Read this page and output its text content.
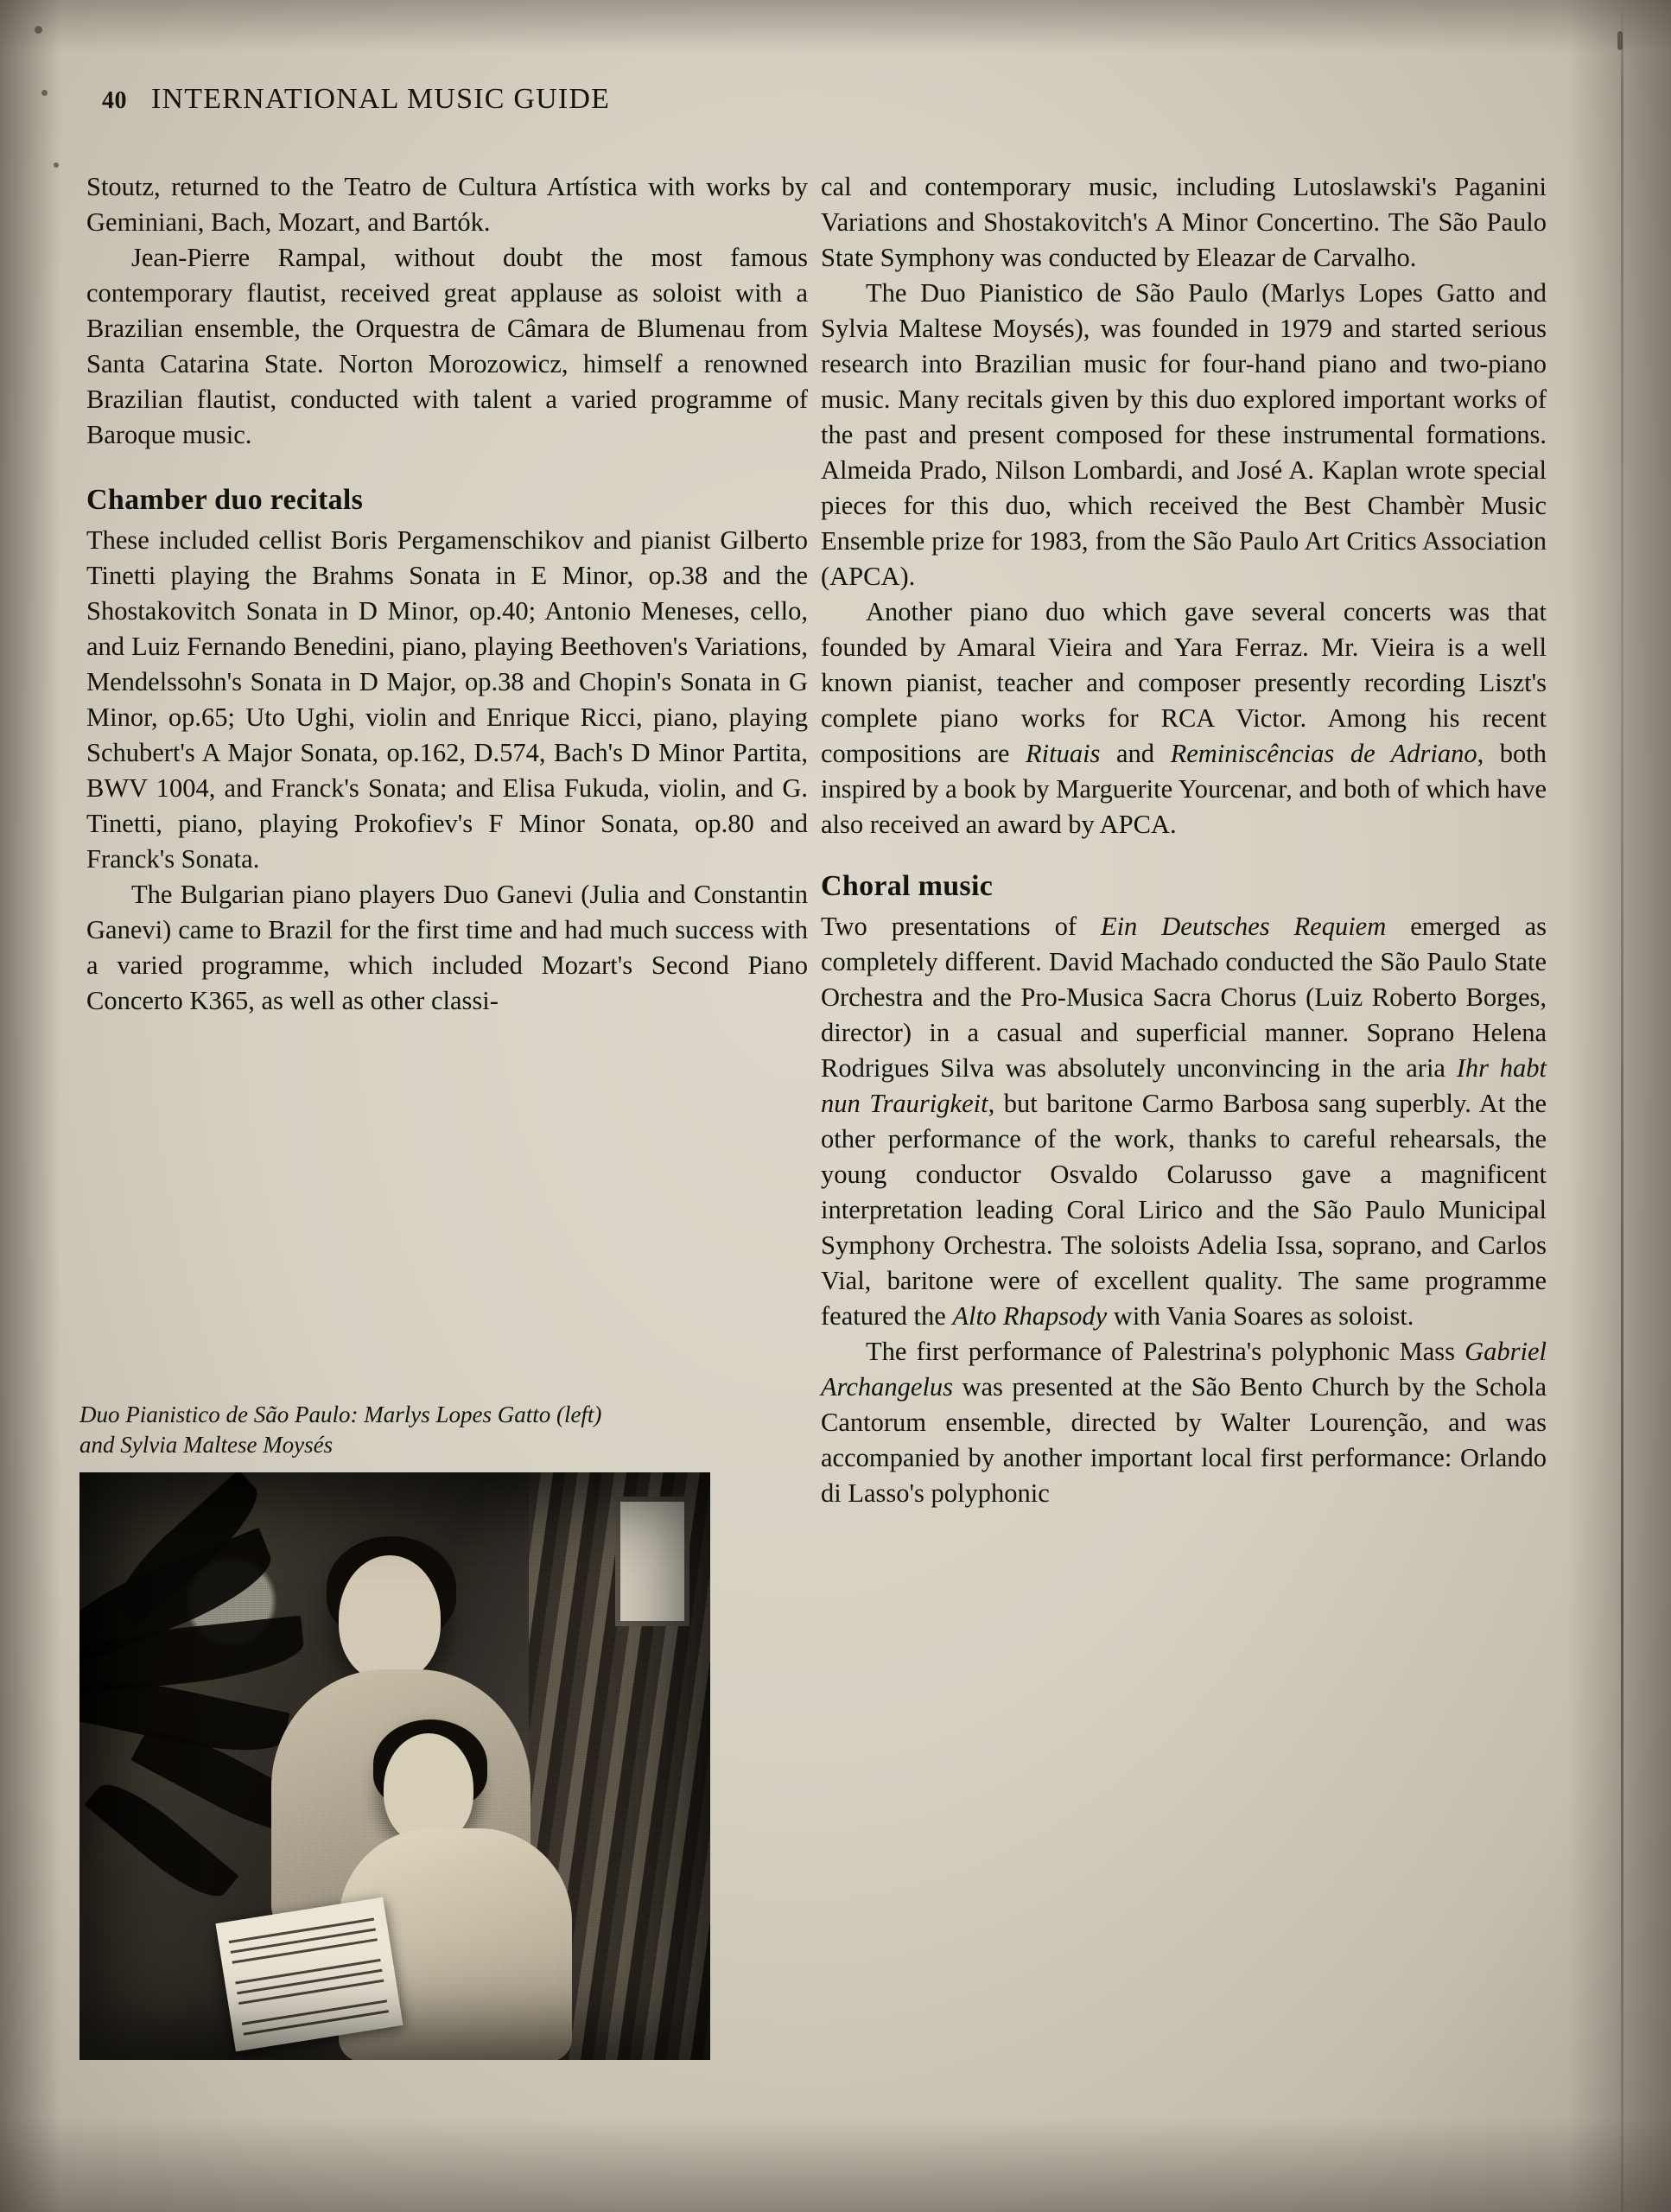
40 INTERNATIONAL MUSIC GUIDE

Stoutz, returned to the Teatro de Cultura Artística with works by Geminiani, Bach, Mozart, and Bartók.

Jean-Pierre Rampal, without doubt the most famous contemporary flautist, received great applause as soloist with a Brazilian ensemble, the Orquestra de Câmara de Blumenau from Santa Catarina State. Norton Morozowicz, himself a renowned Brazilian flautist, conducted with talent a varied programme of Baroque music.

Chamber duo recitals

These included cellist Boris Pergamenschikov and pianist Gilberto Tinetti playing the Brahms Sonata in E Minor, op.38 and the Shostakovitch Sonata in D Minor, op.40; Antonio Meneses, cello, and Luiz Fernando Benedini, piano, playing Beethoven's Variations, Mendelssohn's Sonata in D Major, op.38 and Chopin's Sonata in G Minor, op.65; Uto Ughi, violin and Enrique Ricci, piano, playing Schubert's A Major Sonata, op.162, D.574, Bach's D Minor Partita, BWV 1004, and Franck's Sonata; and Elisa Fukuda, violin, and G. Tinetti, piano, playing Prokofiev's F Minor Sonata, op.80 and Franck's Sonata.

The Bulgarian piano players Duo Ganevi (Julia and Constantin Ganevi) came to Brazil for the first time and had much success with a varied programme, which included Mozart's Second Piano Concerto K365, as well as other classi-

cal and contemporary music, including Lutoslawski's Paganini Variations and Shostakovitch's A Minor Concertino. The São Paulo State Symphony was conducted by Eleazar de Carvalho.

The Duo Pianistico de São Paulo (Marlys Lopes Gatto and Sylvia Maltese Moysés), was founded in 1979 and started serious research into Brazilian music for four-hand piano and two-piano music. Many recitals given by this duo explored important works of the past and present composed for these instrumental formations. Almeida Prado, Nilson Lombardi, and José A. Kaplan wrote special pieces for this duo, which received the Best Chambèr Music Ensemble prize for 1983, from the São Paulo Art Critics Association (APCA).

Another piano duo which gave several concerts was that founded by Amaral Vieira and Yara Ferraz. Mr. Vieira is a well known pianist, teacher and composer presently recording Liszt's complete piano works for RCA Victor. Among his recent compositions are Rituais and Reminiscências de Adriano, both inspired by a book by Marguerite Yourcenar, and both of which have also received an award by APCA.

Choral music

Two presentations of Ein Deutsches Requiem emerged as completely different. David Machado conducted the São Paulo State Orchestra and the Pro-Musica Sacra Chorus (Luiz Roberto Borges, director) in a casual and superficial manner. Soprano Helena Rodrigues Silva was absolutely unconvincing in the aria Ihr habt nun Traurigkeit, but baritone Carmo Barbosa sang superbly. At the other performance of the work, thanks to careful rehearsals, the young conductor Osvaldo Colarusso gave a magnificent interpretation leading Coral Lirico and the São Paulo Municipal Symphony Orchestra. The soloists Adelia Issa, soprano, and Carlos Vial, baritone were of excellent quality. The same programme featured the Alto Rhapsody with Vania Soares as soloist.

The first performance of Palestrina's polyphonic Mass Gabriel Archangelus was presented at the São Bento Church by the Schola Cantorum ensemble, directed by Walter Lourenção, and was accompanied by another important local first performance: Orlando di Lasso's polyphonic

Duo Pianistico de São Paulo: Marlys Lopes Gatto (left)
and Sylvia Maltese Moysés
